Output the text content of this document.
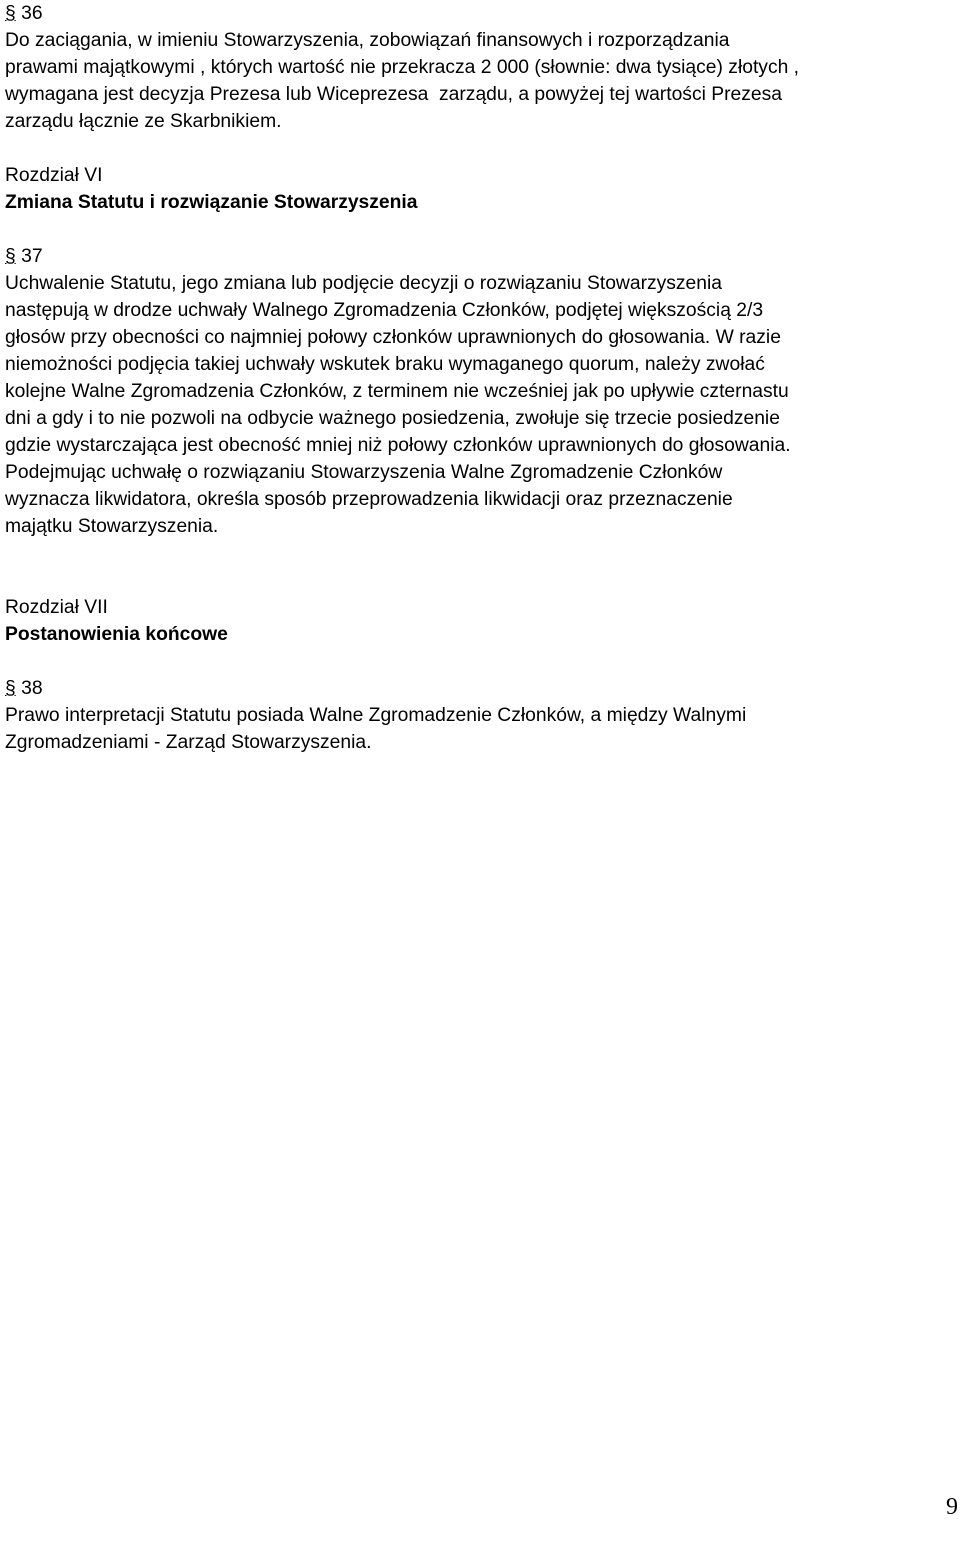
§ 36
Do zaciągania, w imieniu Stowarzyszenia, zobowiązań finansowych i rozporządzania
prawami majątkowymi , których wartość nie przekracza 2 000 (słownie: dwa tysiące) złotych ,
wymagana jest decyzja Prezesa lub Wiceprezesa  zarządu, a powyżej tej wartości Prezesa
zarządu łącznie ze Skarbnikiem.
Rozdział VI
Zmiana Statutu i rozwiązanie Stowarzyszenia
§ 37
Uchwalenie Statutu, jego zmiana lub podjęcie decyzji o rozwiązaniu Stowarzyszenia
następują w drodze uchwały Walnego Zgromadzenia Członków, podjętej większością 2/3
głosów przy obecności co najmniej połowy członków uprawnionych do głosowania. W razie
niemożności podjęcia takiej uchwały wskutek braku wymaganego quorum, należy zwołać
kolejne Walne Zgromadzenia Członków, z terminem nie wcześniej jak po upływie czternastu
dni a gdy i to nie pozwoli na odbycie ważnego posiedzenia, zwołuje się trzecie posiedzenie
gdzie wystarczająca jest obecność mniej niż połowy członków uprawnionych do głosowania.
Podejmując uchwałę o rozwiązaniu Stowarzyszenia Walne Zgromadzenie Członków
wyznacza likwidatora, określa sposób przeprowadzenia likwidacji oraz przeznaczenie
majątku Stowarzyszenia.
Rozdział VII
Postanowienia końcowe
§ 38
Prawo interpretacji Statutu posiada Walne Zgromadzenie Członków, a między Walnymi
Zgromadzeniami - Zarząd Stowarzyszenia.
9
